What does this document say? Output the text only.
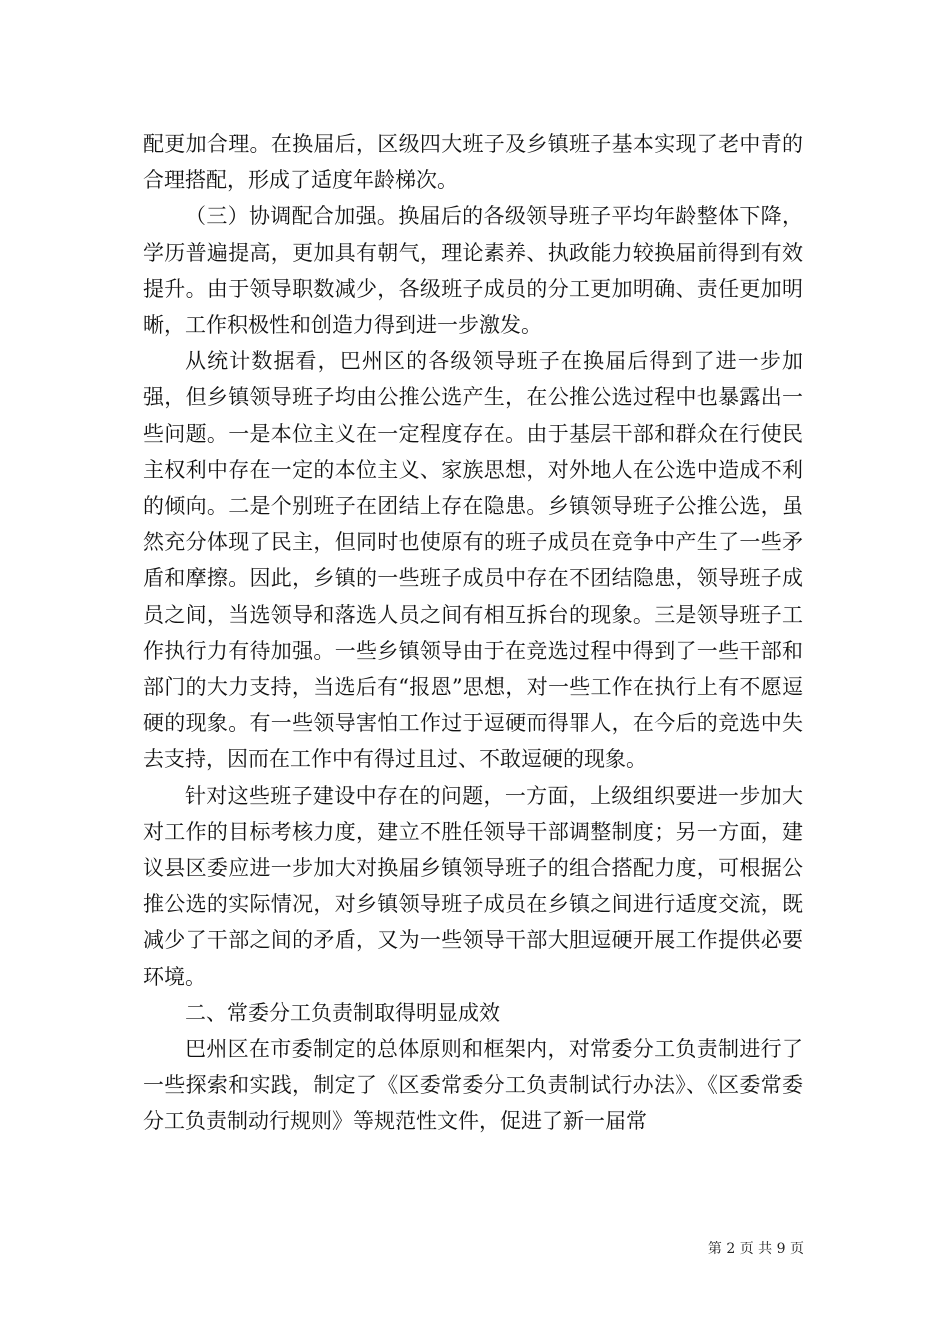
配更加合理。在换届后，区级四大班子及乡镇班子基本实现了老中青的合理搭配，形成了适度年龄梯次。

（三）协调配合加强。换届后的各级领导班子平均年龄整体下降，学历普遍提高，更加具有朝气，理论素养、执政能力较换届前得到有效提升。由于领导职数减少，各级班子成员的分工更加明确、责任更加明晰，工作积极性和创造力得到进一步激发。

从统计数据看，巴州区的各级领导班子在换届后得到了进一步加强，但乡镇领导班子均由公推公选产生，在公推公选过程中也暴露出一些问题。一是本位主义在一定程度存在。由于基层干部和群众在行使民主权利中存在一定的本位主义、家族思想，对外地人在公选中造成不利的倾向。二是个别班子在团结上存在隐患。乡镇领导班子公推公选，虽然充分体现了民主，但同时也使原有的班子成员在竞争中产生了一些矛盾和摩擦。因此，乡镇的一些班子成员中存在不团结隐患，领导班子成员之间，当选领导和落选人员之间有相互拆台的现象。三是领导班子工作执行力有待加强。一些乡镇领导由于在竞选过程中得到了一些干部和部门的大力支持，当选后有“报恩”思想，对一些工作在执行上有不愿逗硬的现象。有一些领导害怕工作过于逗硬而得罪人，在今后的竞选中失去支持，因而在工作中有得过且过、不敢逗硬的现象。

针对这些班子建设中存在的问题，一方面，上级组织要进一步加大对工作的目标考核力度，建立不胜任领导干部调整制度；另一方面，建议县区委应进一步加大对换届乡镇领导班子的组合搭配力度，可根据公推公选的实际情况，对乡镇领导班子成员在乡镇之间进行适度交流，既减少了干部之间的矛盾，又为一些领导干部大胆逗硬开展工作提供必要环境。

二、常委分工负责制取得明显成效

巴州区在市委制定的总体原则和框架内，对常委分工负责制进行了一些探索和实践，制定了《区委常委分工负责制试行办法》、《区委常委分工负责制动行规则》等规范性文件，促进了新一届常

第 2 页 共 9 页
